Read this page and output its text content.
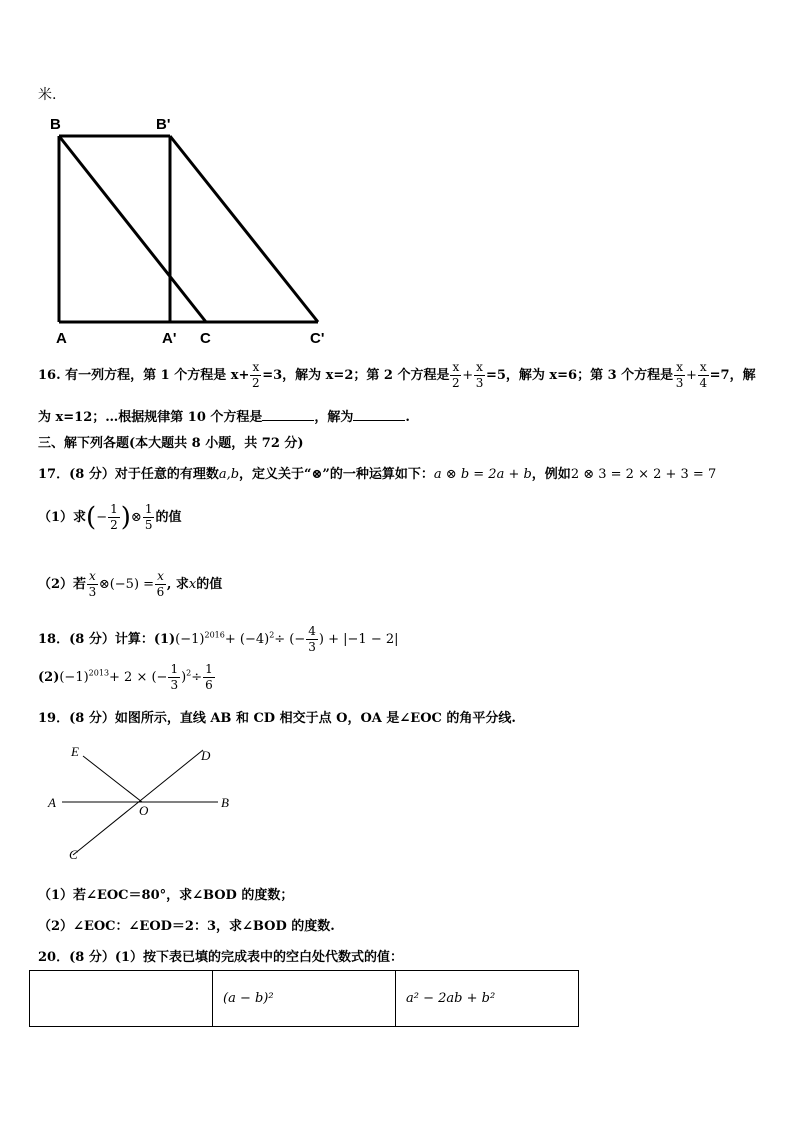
米.
B	B'
A	A' C	C'
16. 有一列方程，第 1 个方程是 $x+ \frac{x}{2} =3$，解为 x=2；第 2 个方程是 $\frac{x}{2} + \frac{x}{3} =5$，解为 x=6；第 3 个方程是 $\frac{x}{3} + \frac{x}{4} =7$，解
为 x=12；…根据规律第 10 个方程是	，解为	.
三、解下列各题(本大题共 8 小题，共 72 分)
17．(8 分）对于任意的有理数a,b，定义关于“⊗”的一种运算如下：a ⊗ b = 2a + b，例如2 ⊗ 3 = 2 × 2 + 3 = 7
（1）求(− $\frac{1}{2}$ )⊗ $\frac{1}{5}$ 的值
（2）若 $\frac{x}{3}$ ⊗(−5) = $\frac{x}{6}$ , 求x的值
18．(8 分）计算：$(1)(-1)^{2016}+ (-4)^2\div$ (− $\frac{4}{3}$ ) + |−1 − 2|
$(2)(-1)^{2013}+ 2$ × (− $\frac{1}{3} )^2\div \frac{1}{6}$
19．(8 分）如图所示，直线 AB 和 CD 相交于点 O，OA 是∠EOC 的角平分线.
E	D
A	B
O
C
（1）若∠EOC＝80°，求∠BOD 的度数；
（2）∠EOC：∠EOD＝2：3，求∠BOD 的度数.
20．(8 分）(1）按下表已填的完成表中的空白处代数式的值：
	(a − b)²	a² − 2ab + b²
